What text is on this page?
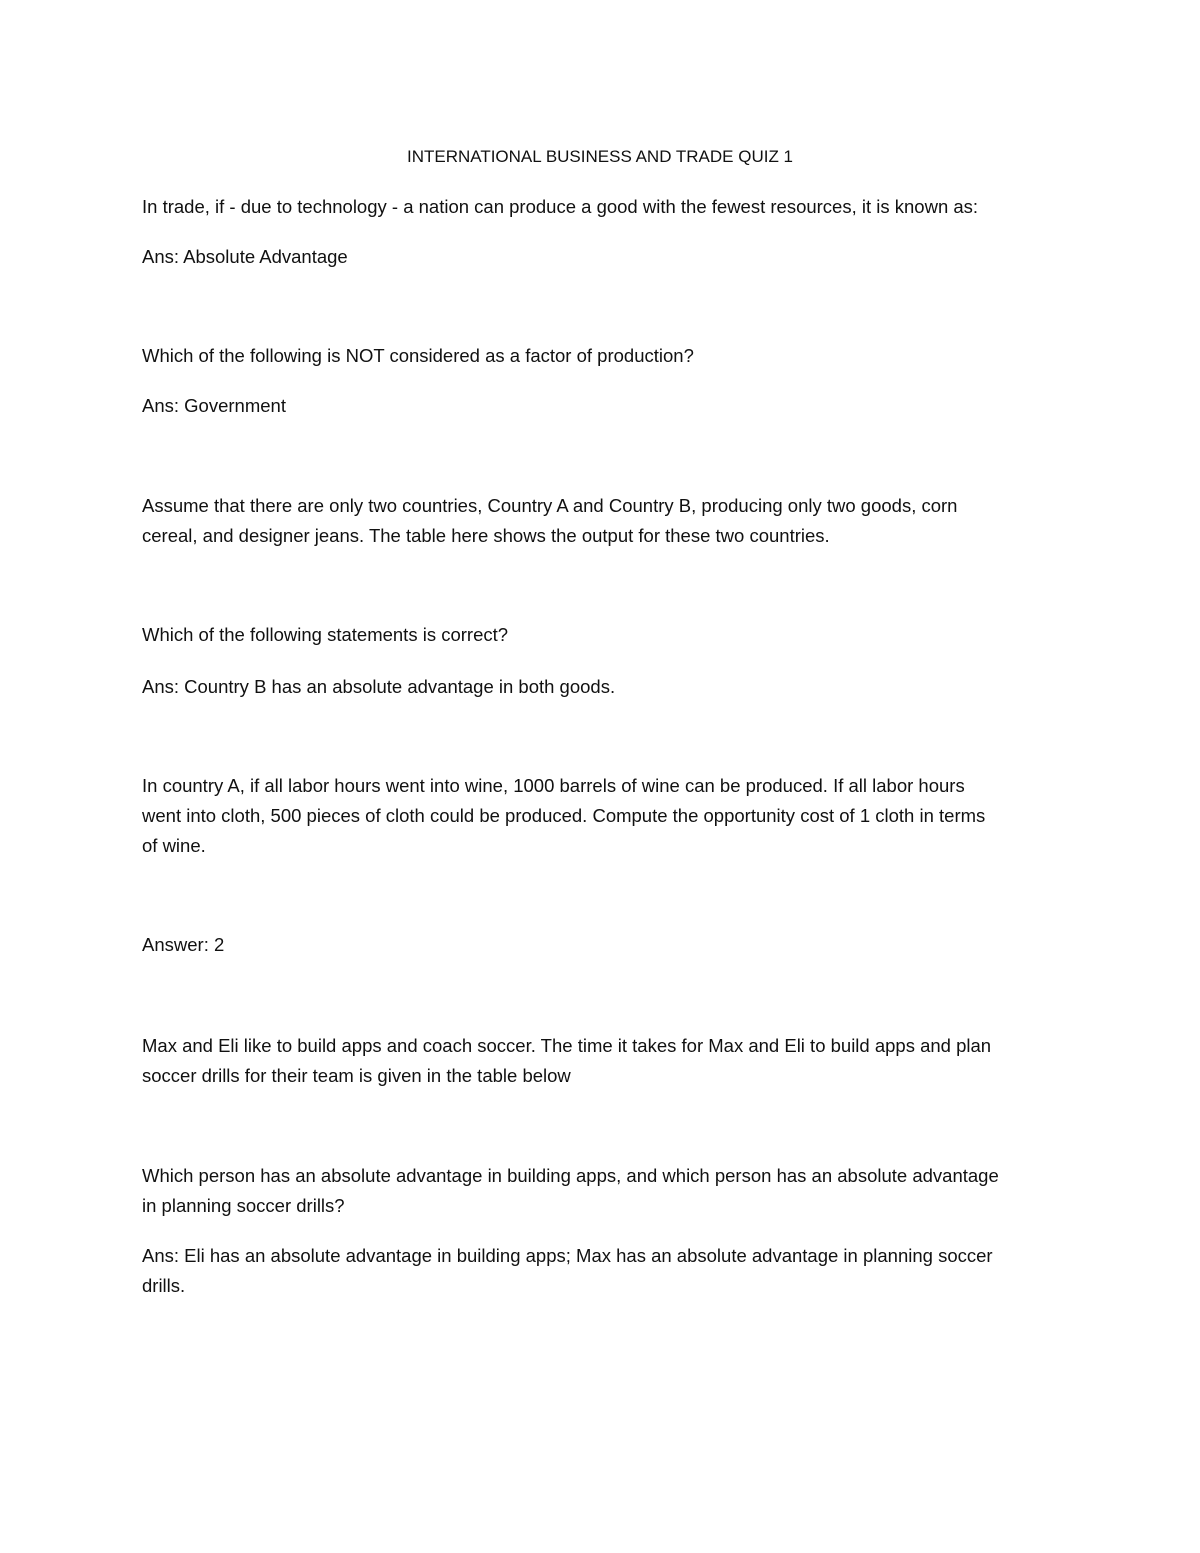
INTERNATIONAL BUSINESS AND TRADE QUIZ 1
In trade, if - due to technology - a nation can produce a good with the fewest resources, it is known as:
Ans: Absolute Advantage
Which of the following is NOT considered as a factor of production?
Ans: Government
Assume that there are only two countries, Country A and Country B, producing only two goods, corn
cereal, and designer jeans. The table here shows the output for these two countries.
Which of the following statements is correct?
Ans: Country B has an absolute advantage in both goods.
In country A, if all labor hours went into wine, 1000 barrels of wine can be produced. If all labor hours
went into cloth, 500 pieces of cloth could be produced. Compute the opportunity cost of 1 cloth in terms
of wine.
Answer: 2
Max and Eli like to build apps and coach soccer. The time it takes for Max and Eli to build apps and plan
soccer drills for their team is given in the table below
Which person has an absolute advantage in building apps, and which person has an absolute advantage
in planning soccer drills?
Ans: Eli has an absolute advantage in building apps; Max has an absolute advantage in planning soccer
drills.
